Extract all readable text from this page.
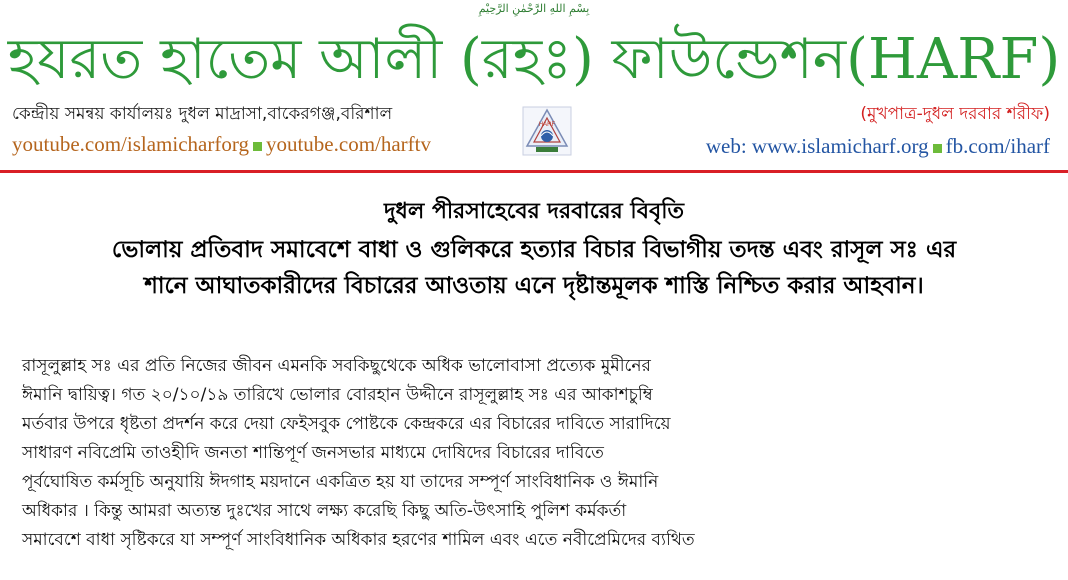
بِسْمِ اللهِ الرَّحْمٰنِ الرَّحِيْمِ
হযরত হাতেম আলী (রহঃ) ফাউন্ডেশন(HARF)
কেন্দ্রীয় সমন্বয় কার্যালয়ঃ দুধল মাদ্রাসা,বাকেরগঞ্জ,বরিশাল	(মুখপাত্র-দুধল দরবার শরীফ)
HARF
youtube.com/islamicharforg youtube.com/harftv	web: www.islamicharf.org fb.com/iharf
দুধল পীরসাহেবের দরবারের বিবৃতি
ভোলায় প্রতিবাদ সমাবেশে বাধা ও গুলিকরে হত্যার বিচার বিভাগীয় তদন্ত এবং রাসূল সঃ এর
শানে আঘাতকারীদের বিচারের আওতায় এনে দৃষ্টান্তমূলক শাস্তি নিশ্চিত করার আহবান।
রাসূলুল্লাহ সঃ এর প্রতি নিজের জীবন এমনকি সবকিছুথেকে অধিক ভালোবাসা প্রত্যেক মুমীনের
ঈমানি দ্বায়িত্ব। গত ২০/১০/১৯ তারিখে ভোলার বোরহান উদ্দীনে রাসূলুল্লাহ সঃ এর আকাশচুম্বি
মর্তবার উপরে ধৃষ্টতা প্রদর্শন করে দেয়া ফেইসবুক পোষ্টকে কেন্দ্রকরে এর বিচারের দাবিতে সারাদিয়ে
সাধারণ নবিপ্রেমি তাওহীদি জনতা শান্তিপূর্ণ জনসভার মাধ্যমে দোষিদের বিচারের দাবিতে
পূর্বঘোষিত কর্মসূচি অনুযায়ি ঈদগাহ ময়দানে একত্রিত হয় যা তাদের সম্পূর্ণ সাংবিধানিক ও ঈমানি
অধিকার । কিন্তু আমরা অত্যন্ত দুঃখের সাথে লক্ষ্য করেছি কিছু অতি-উৎসাহি পুলিশ কর্মকর্তা
সমাবেশে বাধা সৃষ্টিকরে যা সম্পূর্ণ সাংবিধানিক অধিকার হরণের শামিল এবং এতে নবীপ্রেমিদের ব্যথিত
